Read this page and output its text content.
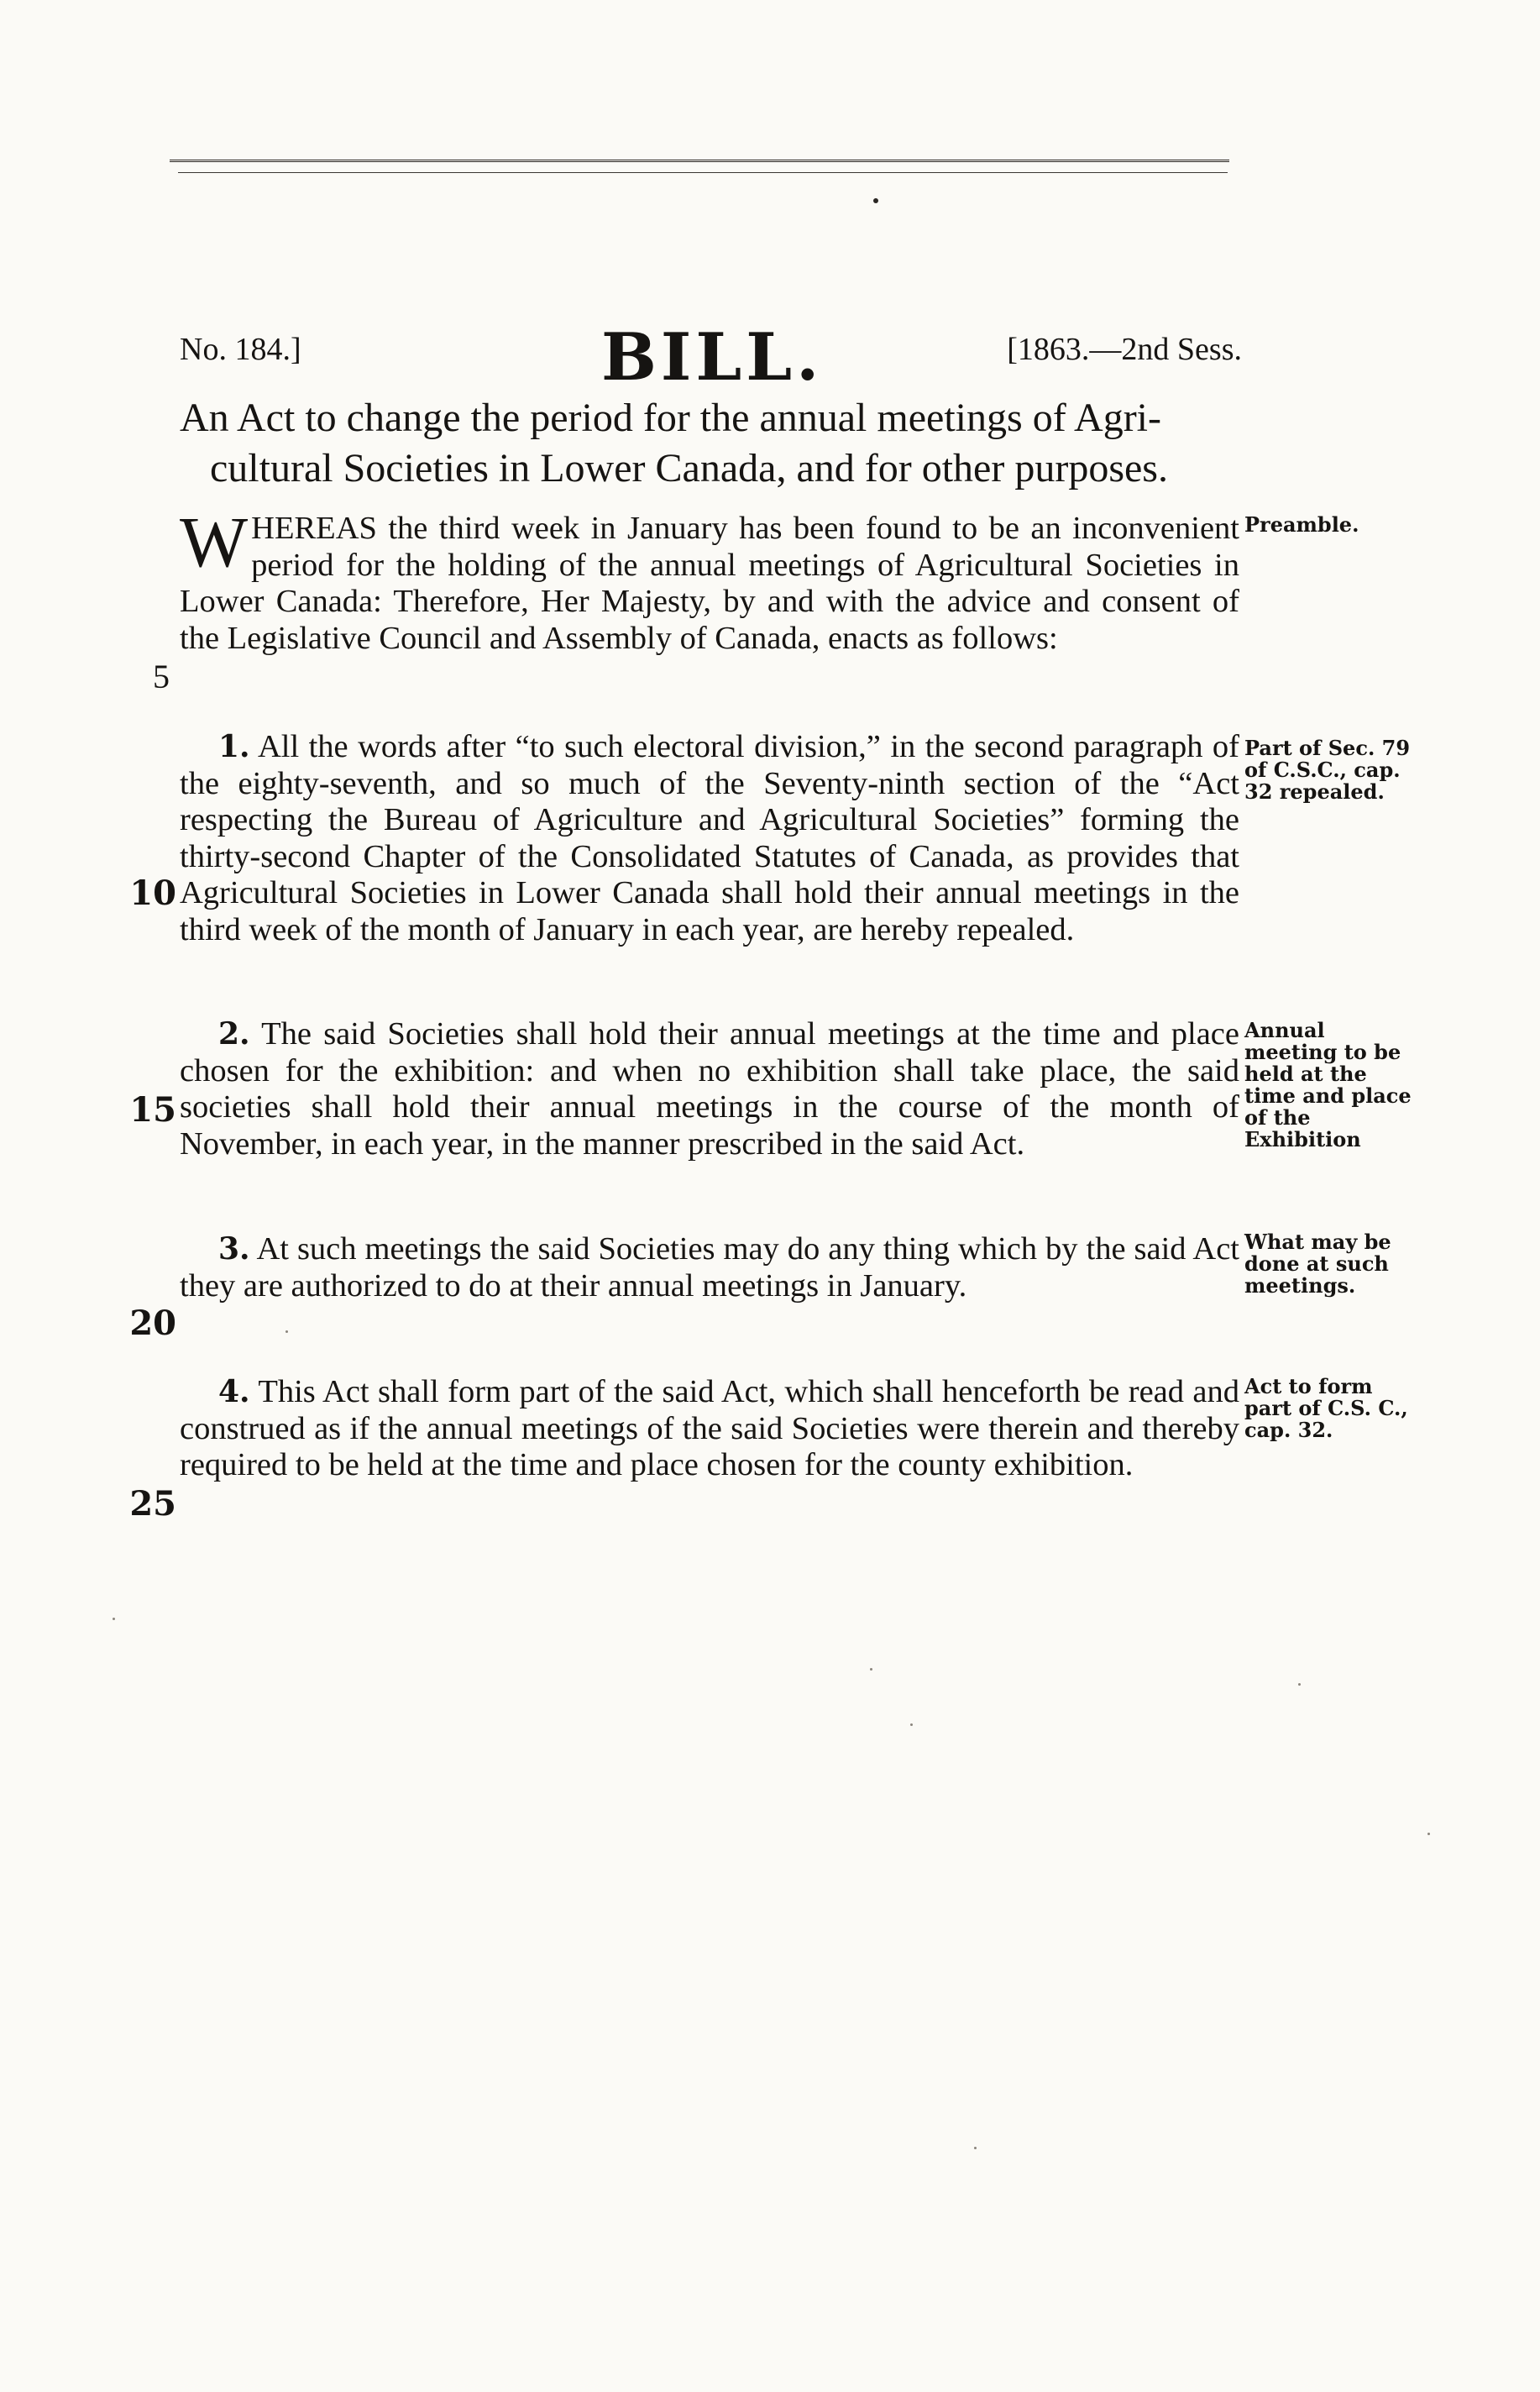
No. 184.]	BILL.	[1863.—2nd Sess.
An Act to change the period for the annual meetings of Agri-
cultural Societies in Lower Canada, and for other purposes.

WHEREAS the third week in January has been found to be an inconvenient period for the holding of the annual meetings of Agricultural Societies in Lower Canada: Therefore, Her Majesty, by and with the advice and consent of the Legislative Council and Assembly of Canada, enacts as follows:

Preamble.

1. All the words after “to such electoral division,” in the second paragraph of the eighty-seventh, and so much of the Seventy-ninth section of the “Act respecting the Bureau of Agriculture and Agricultural Societies” forming the thirty-second Chapter of the Consolidated Statutes of Canada, as provides that Agricultural Societies in Lower Canada shall hold their annual meetings in the third week of the month of January in each year, are hereby repealed.

Part of Sec. 79 of C.S.C., cap. 32 repealed.

2. The said Societies shall hold their annual meetings at the time and place chosen for the exhibition: and when no exhibition shall take place, the said societies shall hold their annual meetings in the course of the month of November, in each year, in the manner prescribed in the said Act.

Annual meeting to be held at the time and place of the Exhibition

3. At such meetings the said Societies may do any thing which by the said Act they are authorized to do at their annual meetings in January.

What may be done at such meetings.

4. This Act shall form part of the said Act, which shall henceforth be read and construed as if the annual meetings of the said Societies were therein and thereby required to be held at the time and place chosen for the county exhibition.

Act to form part of C.S. C., cap. 32.
5
10
15
20
25
